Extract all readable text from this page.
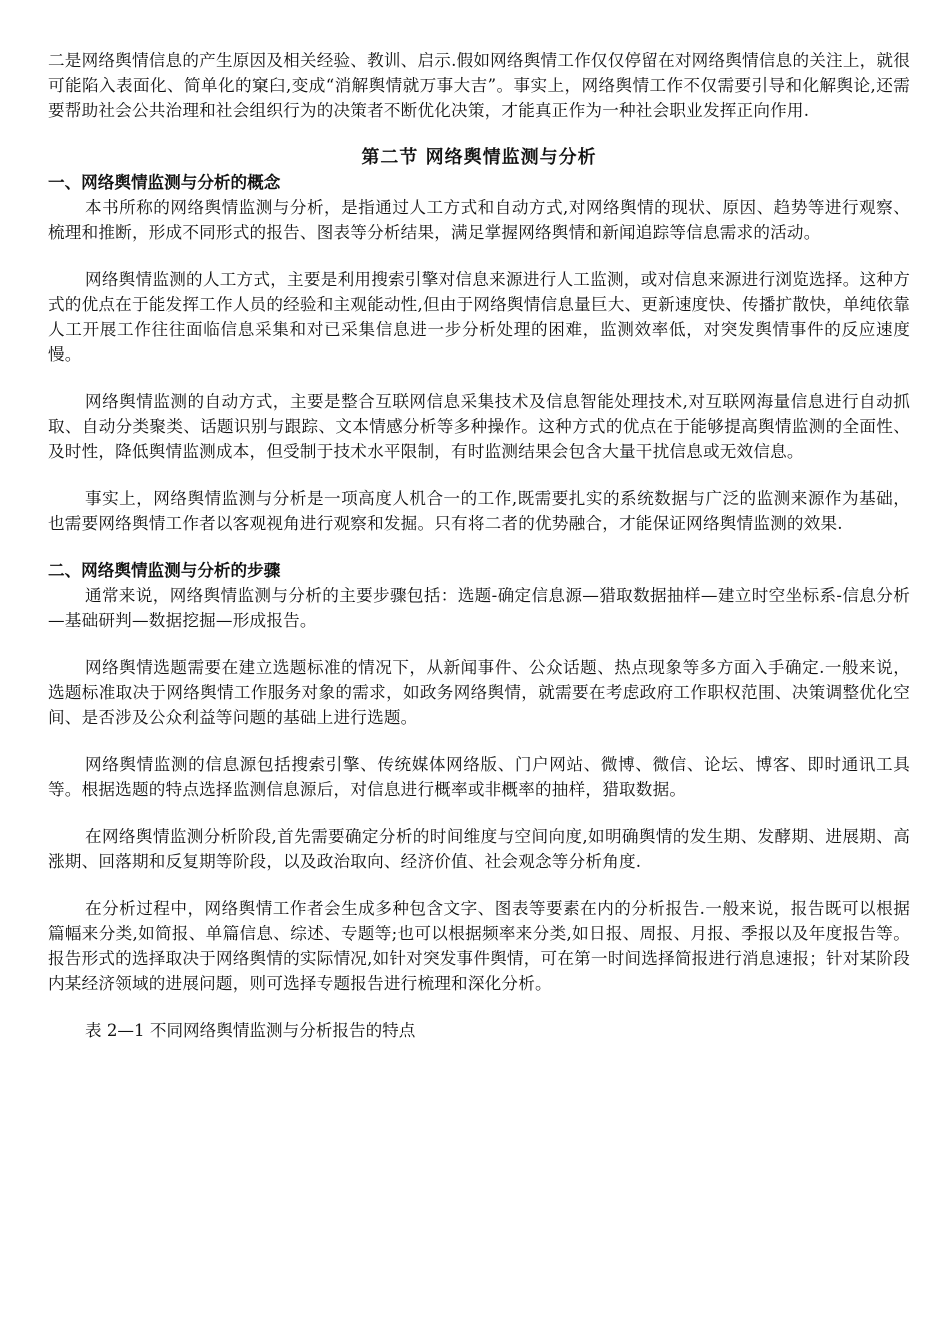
二是网络舆情信息的产生原因及相关经验、教训、启示.假如网络舆情工作仅仅停留在对网络舆情信息的关注上，就很可能陷入表面化、简单化的窠臼,变成“消解舆情就万事大吉”。事实上，网络舆情工作不仅需要引导和化解舆论,还需要帮助社会公共治理和社会组织行为的决策者不断优化决策，才能真正作为一种社会职业发挥正向作用.

第二节 网络舆情监测与分析
一、网络舆情监测与分析的概念

本书所称的网络舆情监测与分析，是指通过人工方式和自动方式,对网络舆情的现状、原因、趋势等进行观察、梳理和推断，形成不同形式的报告、图表等分析结果，满足掌握网络舆情和新闻追踪等信息需求的活动。

网络舆情监测的人工方式，主要是利用搜索引擎对信息来源进行人工监测，或对信息来源进行浏览选择。这种方式的优点在于能发挥工作人员的经验和主观能动性,但由于网络舆情信息量巨大、更新速度快、传播扩散快，单纯依靠人工开展工作往往面临信息采集和对已采集信息进一步分析处理的困难，监测效率低，对突发舆情事件的反应速度慢。

网络舆情监测的自动方式，主要是整合互联网信息采集技术及信息智能处理技术,对互联网海量信息进行自动抓取、自动分类聚类、话题识别与跟踪、文本情感分析等多种操作。这种方式的优点在于能够提高舆情监测的全面性、及时性，降低舆情监测成本，但受制于技术水平限制，有时监测结果会包含大量干扰信息或无效信息。

事实上，网络舆情监测与分析是一项高度人机合一的工作,既需要扎实的系统数据与广泛的监测来源作为基础，也需要网络舆情工作者以客观视角进行观察和发掘。只有将二者的优势融合，才能保证网络舆情监测的效果.

二、网络舆情监测与分析的步骤

通常来说，网络舆情监测与分析的主要步骤包括：选题-确定信息源—猎取数据抽样—建立时空坐标系-信息分析—基础研判—数据挖掘—形成报告。

网络舆情选题需要在建立选题标准的情况下，从新闻事件、公众话题、热点现象等多方面入手确定.一般来说，选题标准取决于网络舆情工作服务对象的需求，如政务网络舆情，就需要在考虑政府工作职权范围、决策调整优化空间、是否涉及公众利益等问题的基础上进行选题。

网络舆情监测的信息源包括搜索引擎、传统媒体网络版、门户网站、微博、微信、论坛、博客、即时通讯工具等。根据选题的特点选择监测信息源后，对信息进行概率或非概率的抽样，猎取数据。

在网络舆情监测分析阶段,首先需要确定分析的时间维度与空间向度,如明确舆情的发生期、发酵期、进展期、高涨期、回落期和反复期等阶段，以及政治取向、经济价值、社会观念等分析角度.

在分析过程中，网络舆情工作者会生成多种包含文字、图表等要素在内的分析报告.一般来说，报告既可以根据篇幅来分类,如简报、单篇信息、综述、专题等;也可以根据频率来分类,如日报、周报、月报、季报以及年度报告等。报告形式的选择取决于网络舆情的实际情况,如针对突发事件舆情，可在第一时间选择简报进行消息速报；针对某阶段内某经济领域的进展问题，则可选择专题报告进行梳理和深化分析。

表 2—1 不同网络舆情监测与分析报告的特点
